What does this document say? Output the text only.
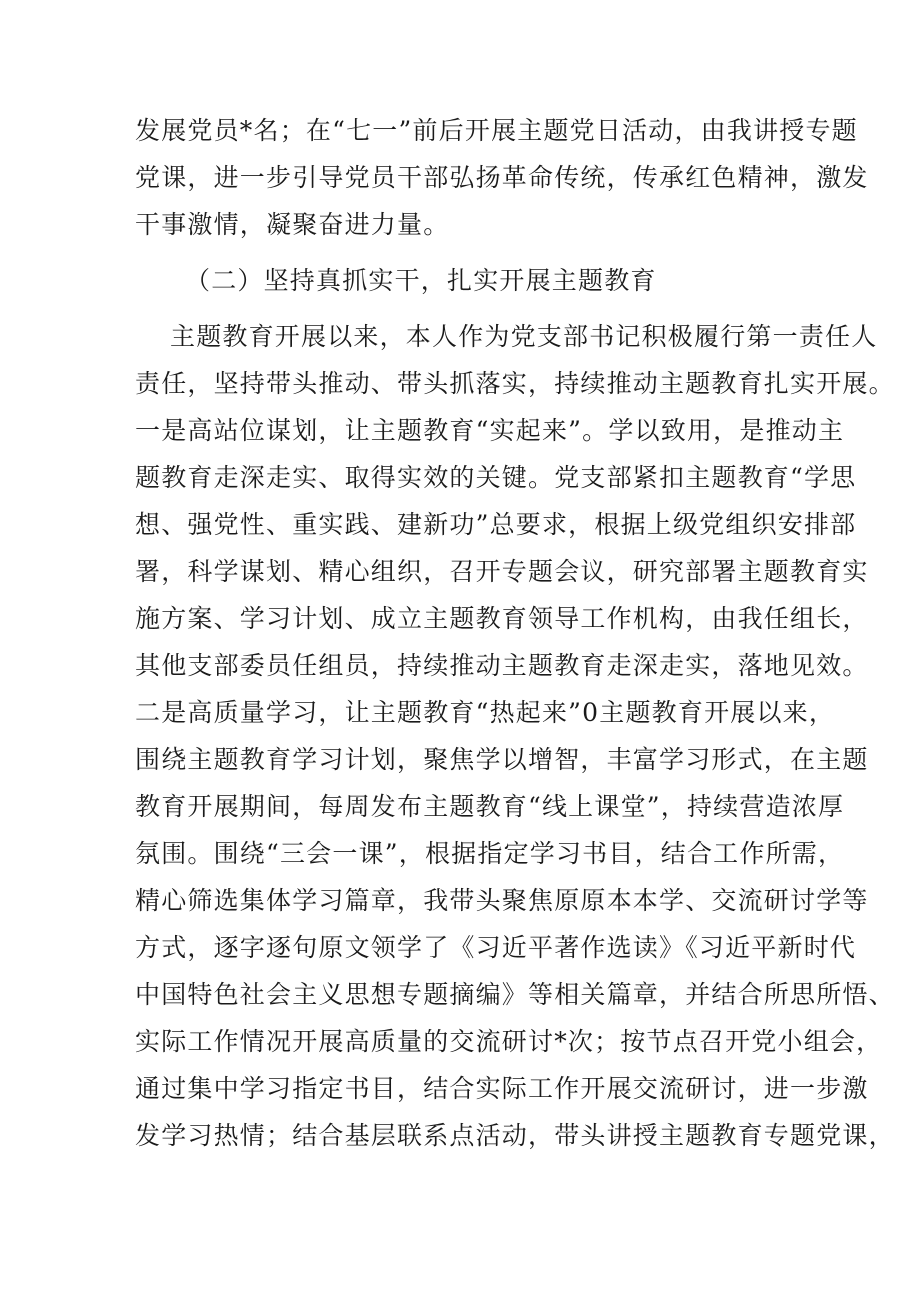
发展党员*名；在“七一”前后开展主题党日活动，由我讲授专题
党课，进一步引导党员干部弘扬革命传统，传承红色精神，激发
干事激情，凝聚奋进力量。
（二）坚持真抓实干，扎实开展主题教育
主题教育开展以来，本人作为党支部书记积极履行第一责任人
责任，坚持带头推动、带头抓落实，持续推动主题教育扎实开展。
一是高站位谋划，让主题教育“实起来”。学以致用，是推动主
题教育走深走实、取得实效的关键。党支部紧扣主题教育“学思
想、强党性、重实践、建新功”总要求，根据上级党组织安排部
署，科学谋划、精心组织，召开专题会议，研究部署主题教育实
施方案、学习计划、成立主题教育领导工作机构，由我任组长，
其他支部委员任组员，持续推动主题教育走深走实，落地见效。
二是高质量学习，让主题教育“热起来”0主题教育开展以来，
围绕主题教育学习计划，聚焦学以增智，丰富学习形式，在主题
教育开展期间，每周发布主题教育“线上课堂”，持续营造浓厚
氛围。围绕“三会一课”，根据指定学习书目，结合工作所需，
精心筛选集体学习篇章，我带头聚焦原原本本学、交流研讨学等
方式，逐字逐句原文领学了《习近平著作选读》《习近平新时代
中国特色社会主义思想专题摘编》等相关篇章，并结合所思所悟、
实际工作情况开展高质量的交流研讨*次；按节点召开党小组会，
通过集中学习指定书目，结合实际工作开展交流研讨，进一步激
发学习热情；结合基层联系点活动，带头讲授主题教育专题党课，
